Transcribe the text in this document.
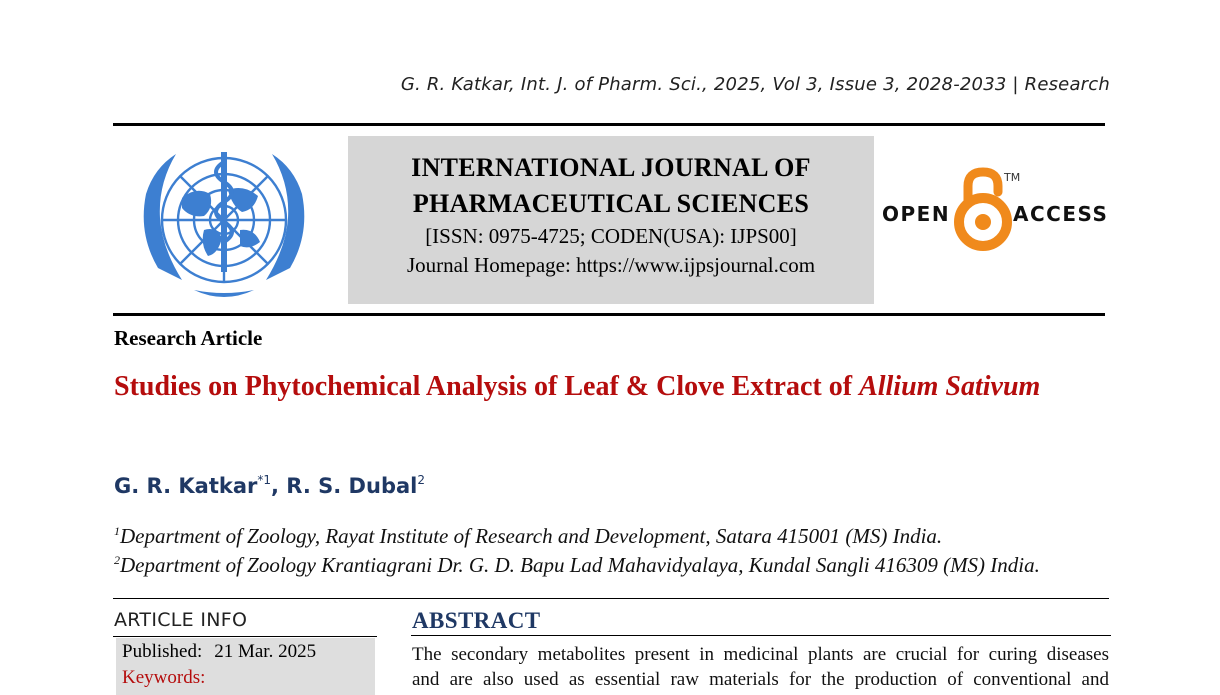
G. R. Katkar, Int. J. of Pharm. Sci., 2025, Vol 3, Issue 3, 2028-2033 | Research
INTERNATIONAL JOURNAL OF
PHARMACEUTICAL SCIENCES
[ISSN: 0975-4725; CODEN(USA): IJPS00]
Journal Homepage: https://www.ijpsjournal.com
OPEN
TM
ACCESS
Research Article
Studies on Phytochemical Analysis of Leaf & Clove Extract of Allium Sativum
G. R. Katkar$^{*1}$, R. S. Dubal$^2$
$^1$Department of Zoology, Rayat Institute of Research and Development, Satara 415001 (MS) India.
$^2$Department of Zoology Krantiagrani Dr. G. D. Bapu Lad Mahavidyalaya, Kundal Sangli 416309 (MS) India.
ARTICLE INFO
Published: 21 Mar. 2025
Keywords:
ABSTRACT
The secondary metabolites present in medicinal plants are crucial for curing diseases
and are also used as essential raw materials for the production of conventional and
